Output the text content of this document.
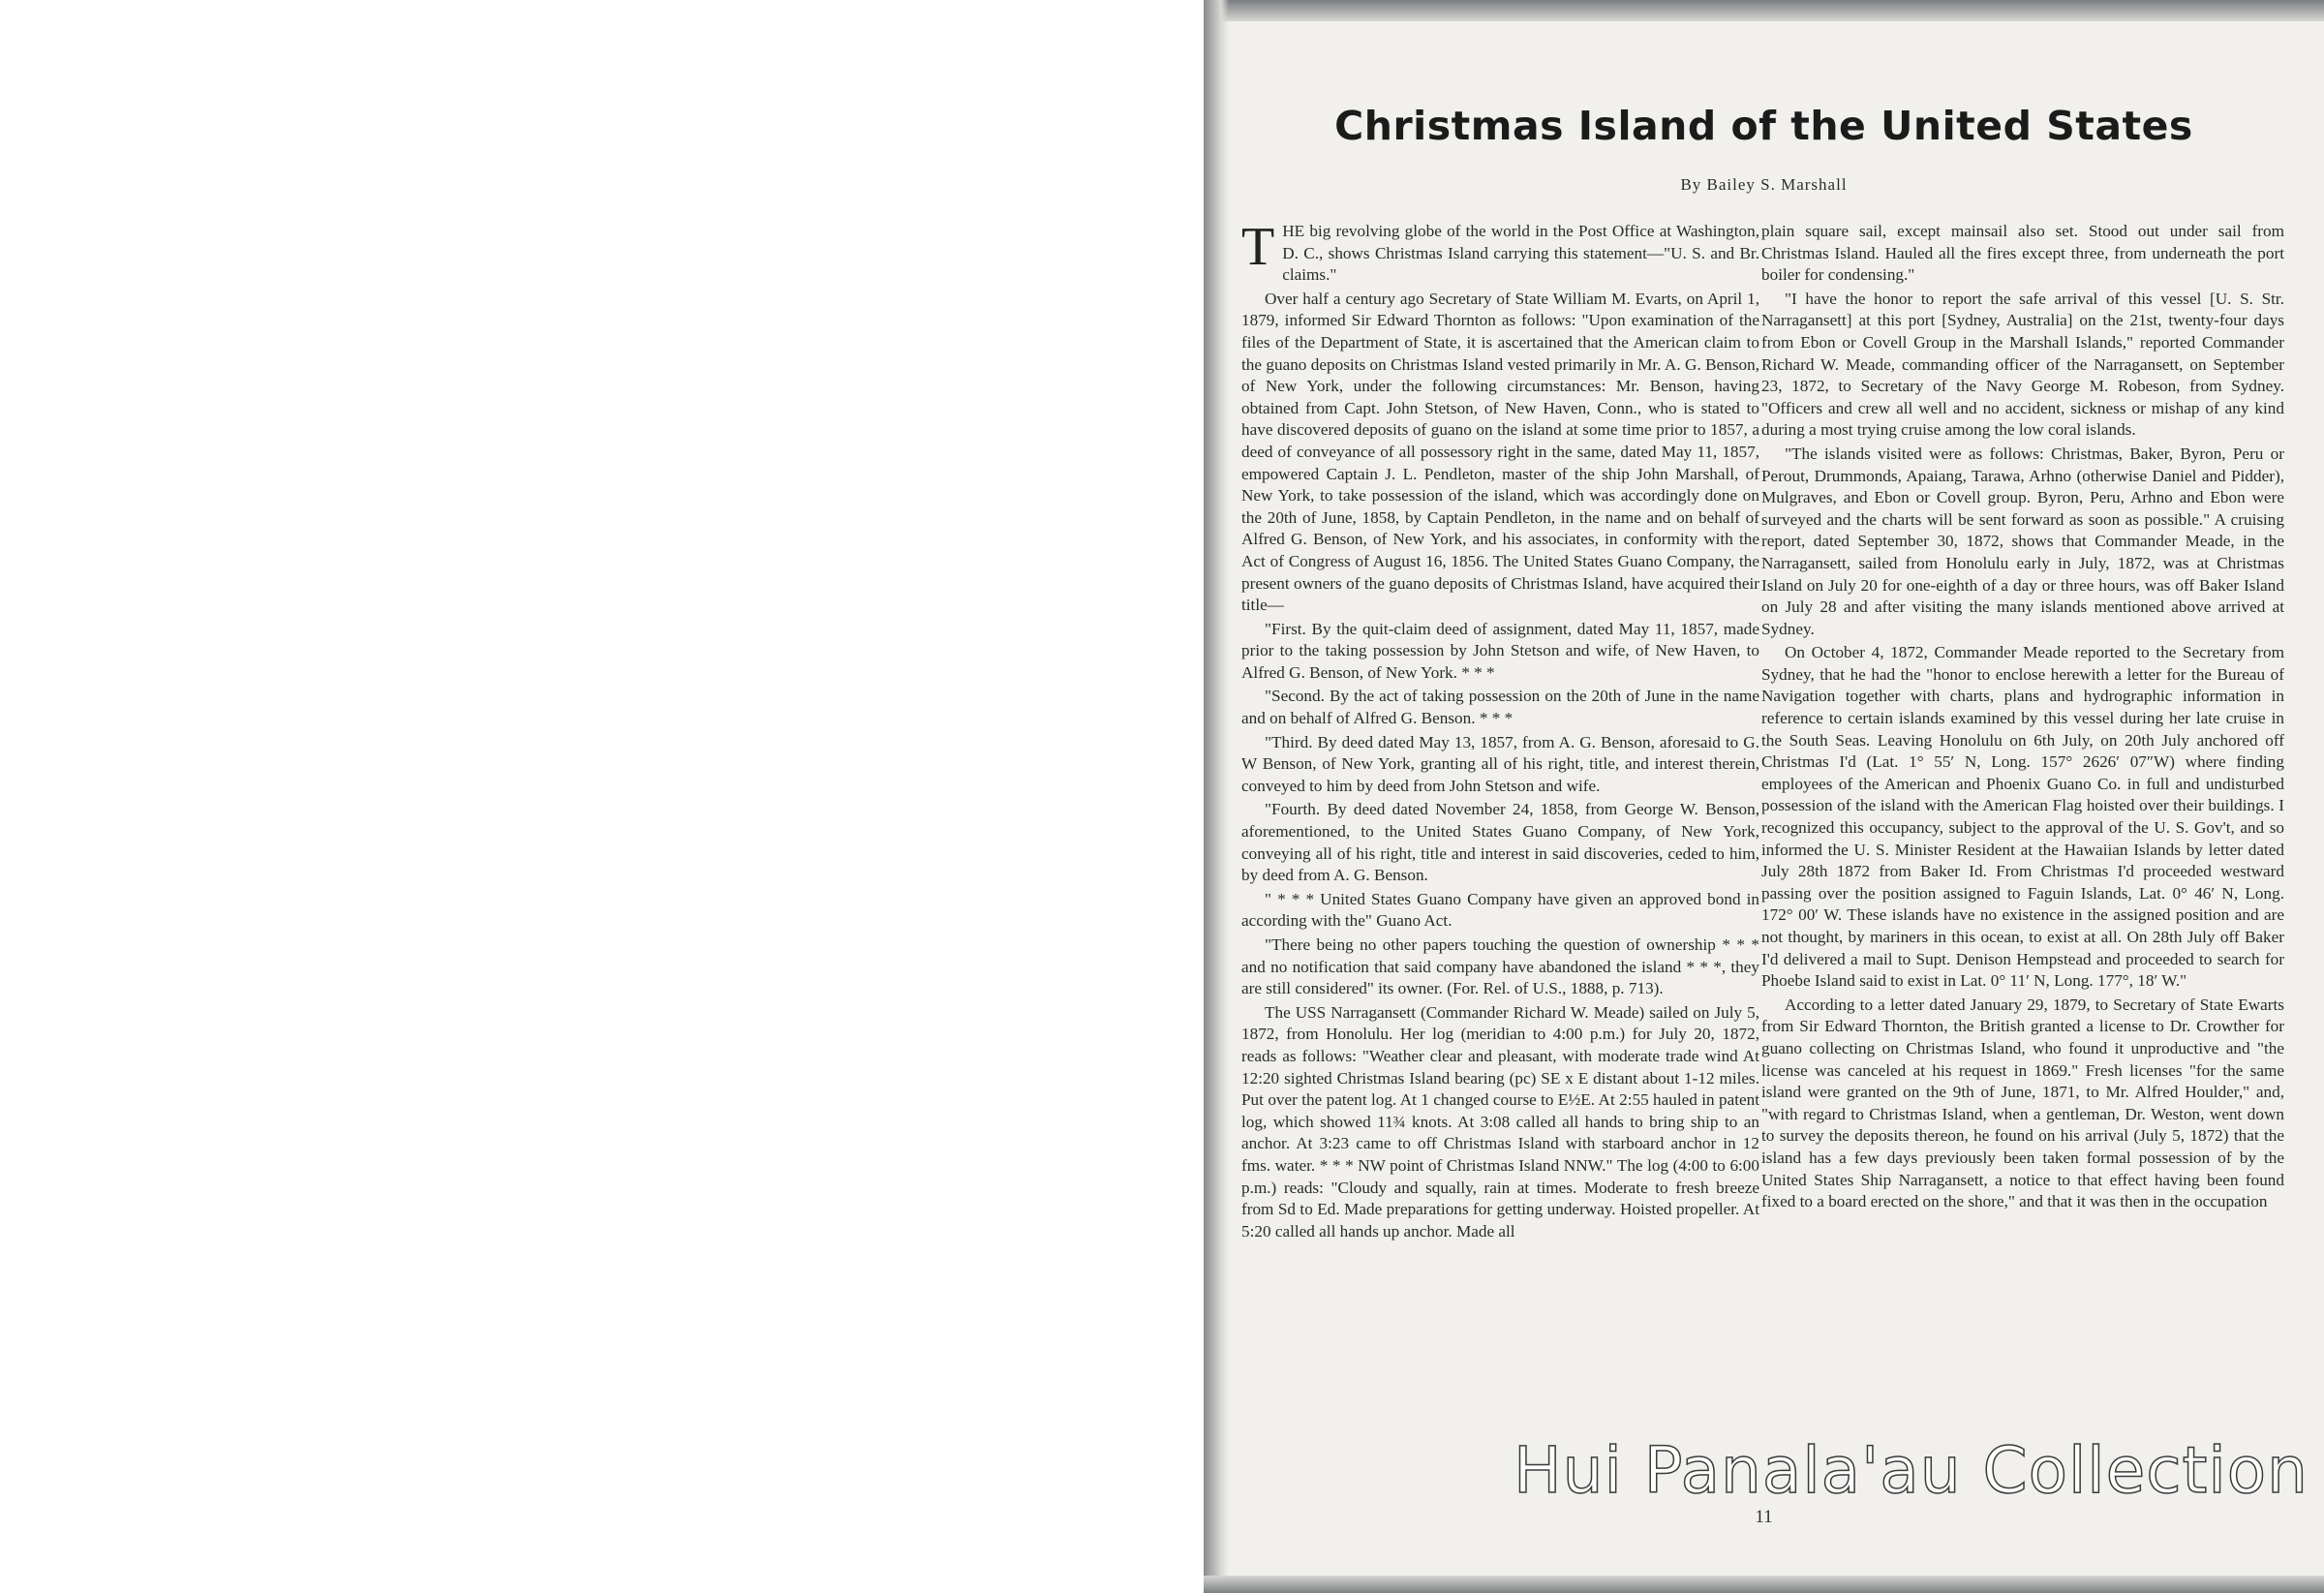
Christmas Island of the United States
By Bailey S. Marshall

THE big revolving globe of the world in the Post Office at Washington, D. C., shows Christmas Island carrying this statement—"U. S. and Br. claims."

Over half a century ago Secretary of State William M. Evarts, on April 1, 1879, informed Sir Edward Thornton as follows: "Upon examination of the files of the Department of State, it is ascertained that the American claim to the guano deposits on Christmas Island vested primarily in Mr. A. G. Benson, of New York, under the following circumstances: Mr. Benson, having obtained from Capt. John Stetson, of New Haven, Conn., who is stated to have discovered deposits of guano on the island at some time prior to 1857, a deed of conveyance of all possessory right in the same, dated May 11, 1857, empowered Captain J. L. Pendleton, master of the ship John Marshall, of New York, to take possession of the island, which was accordingly done on the 20th of June, 1858, by Captain Pendleton, in the name and on behalf of Alfred G. Benson, of New York, and his associates, in conformity with the Act of Congress of August 16, 1856. The United States Guano Company, the present owners of the guano deposits of Christmas Island, have acquired their title—

"First. By the quit-claim deed of assignment, dated May 11, 1857, made prior to the taking possession by John Stetson and wife, of New Haven, to Alfred G. Benson, of New York. * * *

"Second. By the act of taking possession on the 20th of June in the name and on behalf of Alfred G. Benson. * * *

"Third. By deed dated May 13, 1857, from A. G. Benson, aforesaid to G. W Benson, of New York, granting all of his right, title, and interest therein, conveyed to him by deed from John Stetson and wife.

"Fourth. By deed dated November 24, 1858, from George W. Benson, aforementioned, to the United States Guano Company, of New York, conveying all of his right, title and interest in said discoveries, ceded to him, by deed from A. G. Benson.

" * * * United States Guano Company have given an approved bond in according with the" Guano Act.

"There being no other papers touching the question of ownership * * * and no notification that said company have abandoned the island * * *, they are still considered" its owner. (For. Rel. of U.S., 1888, p. 713).

The USS Narragansett (Commander Richard W. Meade) sailed on July 5, 1872, from Honolulu. Her log (meridian to 4:00 p.m.) for July 20, 1872, reads as follows: "Weather clear and pleasant, with moderate trade wind At 12:20 sighted Christmas Island bearing (pc) SE x E distant about 1-12 miles. Put over the patent log. At 1 changed course to E½E. At 2:55 hauled in patent log, which showed 11¾ knots. At 3:08 called all hands to bring ship to an anchor. At 3:23 came to off Christmas Island with starboard anchor in 12 fms. water. * * * NW point of Christmas Island NNW." The log (4:00 to 6:00 p.m.) reads: "Cloudy and squally, rain at times. Moderate to fresh breeze from Sd to Ed. Made preparations for getting underway. Hoisted propeller. At 5:20 called all hands up anchor. Made all

plain square sail, except mainsail also set. Stood out under sail from Christmas Island. Hauled all the fires except three, from underneath the port boiler for condensing."

"I have the honor to report the safe arrival of this vessel [U. S. Str. Narragansett] at this port [Sydney, Australia] on the 21st, twenty-four days from Ebon or Covell Group in the Marshall Islands," reported Commander Richard W. Meade, commanding officer of the Narragansett, on September 23, 1872, to Secretary of the Navy George M. Robeson, from Sydney. "Officers and crew all well and no accident, sickness or mishap of any kind during a most trying cruise among the low coral islands.

"The islands visited were as follows: Christmas, Baker, Byron, Peru or Perout, Drummonds, Apaiang, Tarawa, Arhno (otherwise Daniel and Pidder), Mulgraves, and Ebon or Covell group. Byron, Peru, Arhno and Ebon were surveyed and the charts will be sent forward as soon as possible." A cruising report, dated September 30, 1872, shows that Commander Meade, in the Narragansett, sailed from Honolulu early in July, 1872, was at Christmas Island on July 20 for one-eighth of a day or three hours, was off Baker Island on July 28 and after visiting the many islands mentioned above arrived at Sydney.

On October 4, 1872, Commander Meade reported to the Secretary from Sydney, that he had the "honor to enclose herewith a letter for the Bureau of Navigation together with charts, plans and hydrographic information in reference to certain islands examined by this vessel during her late cruise in the South Seas. Leaving Honolulu on 6th July, on 20th July anchored off Christmas I'd (Lat. 1° 55′ N, Long. 157° 2626′ 07″W) where finding employees of the American and Phoenix Guano Co. in full and undisturbed possession of the island with the American Flag hoisted over their buildings. I recognized this occupancy, subject to the approval of the U. S. Gov't, and so informed the U. S. Minister Resident at the Hawaiian Islands by letter dated July 28th 1872 from Baker Id. From Christmas I'd proceeded westward passing over the position assigned to Faguin Islands, Lat. 0° 46′ N, Long. 172° 00′ W. These islands have no existence in the assigned position and are not thought, by mariners in this ocean, to exist at all. On 28th July off Baker I'd delivered a mail to Supt. Denison Hempstead and proceeded to search for Phoebe Island said to exist in Lat. 0° 11′ N, Long. 177°, 18′ W."

According to a letter dated January 29, 1879, to Secretary of State Ewarts from Sir Edward Thornton, the British granted a license to Dr. Crowther for guano collecting on Christmas Island, who found it unproductive and "the license was canceled at his request in 1869." Fresh licenses "for the same island were granted on the 9th of June, 1871, to Mr. Alfred Houlder," and, "with regard to Christmas Island, when a gentleman, Dr. Weston, went down to survey the deposits thereon, he found on his arrival (July 5, 1872) that the island has a few days previously been taken formal possession of by the United States Ship Narragansett, a notice to that effect having been found fixed to a board erected on the shore," and that it was then in the occupation

11
Hui Panala'au Collection
